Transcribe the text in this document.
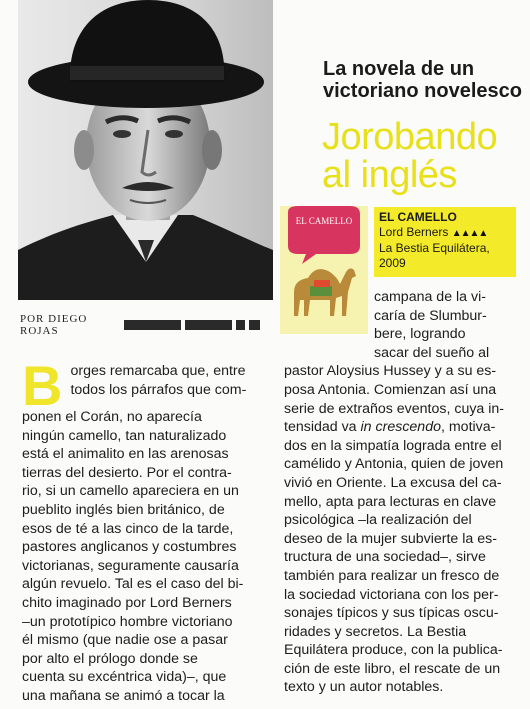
POR DIEGO ROJAS
La novela de un
victoriano novelesco
Jorobando
al inglés
EL CAMELLO EL CAMELLO
Lord Berners ▲▲▲▲
La Bestia Equilátera,
2009
campana de la vi-
caría de Slumbur-
bere, logrando
sacar del sueño al
pastor Aloysius Hussey y a su es-
posa Antonia. Comienzan así una
serie de extraños eventos, cuya in-
tensidad va in crescendo, motiva-
dos en la simpatía lograda entre el
camélido y Antonia, quien de joven
vivió en Oriente. La excusa del ca-
mello, apta para lecturas en clave
psicológica –la realización del
deseo de la mujer subvierte la es-
tructura de una sociedad–, sirve
también para realizar un fresco de
la sociedad victoriana con los per-
sonajes típicos y sus típicas oscu-
ridades y secretos. La Bestia
Equilátera produce, con la publica-
ción de este libro, el rescate de un
texto y un autor notables.
B orges remarcaba que, entre
todos los párrafos que com-
ponen el Corán, no aparecía
ningún camello, tan naturalizado
está el animalito en las arenosas
tierras del desierto. Por el contra-
rio, si un camello apareciera en un
pueblito inglés bien británico, de
esos de té a las cinco de la tarde,
pastores anglicanos y costumbres
victorianas, seguramente causaría
algún revuelo. Tal es el caso del bi-
chito imaginado por Lord Berners
–un prototípico hombre victoriano
él mismo (que nadie ose a pasar
por alto el prólogo donde se
cuenta su excéntrica vida)–, que
una mañana se animó a tocar la
